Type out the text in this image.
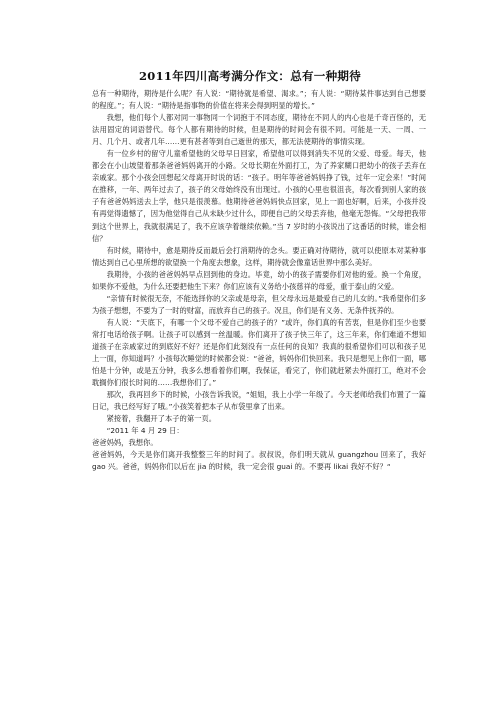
2011年四川高考满分作文：总有一种期待

总有一种期待，期待是什么呢？有人说：“期待就是希望、渴求。”；有人说：“期待某件事达到自己想要的程度。”；有人说：“期待是指事物的价值在将来会得到明显的增长。”

我想，他们每个人都对同一事物同一个词抱于不同态度，期待在不同人的内心也是千奇百怪的，无法用固定的词语替代。每个人都有期待的时候，但是期待的时间会有很不同。可能是一天、一周、一月、几个月、或者几年……更有甚者等到自己逝世的那天，都无法使期待的事情实现。

有一位乡村的留守儿童希望他的父母早日回家，希望他可以得到消失不见的父爱、母爱。每天，他都会在小山坡望着那条爸爸妈妈离开的小路。父母长期在外面打工，为了养家糊口把幼小的孩子丢弃在亲戚家。那个小孩会回想起父母离开时说的话：“孩子。明年等爸爸妈妈挣了钱，过年一定会来！”时间在推移，一年、两年过去了，孩子的父母始终没有出现过。小孩的心里也很沮丧，每次看到别人家的孩子有爸爸妈妈送去上学，他只是很羡慕。他期待爸爸妈妈快点回家，见上一面也好啊，后来，小孩并没有再觉得遗憾了，因为他觉得自己从未缺少过什么，即便自己的父母丢弃他，他毫无怨悔。“父母把我带到这个世界上，我就很满足了，我不应该孕着继续依赖。”当 7 岁时的小孩说出了这番话的时候，谁会相信？

有时候，期待中，愈是期待反而最后会打消期待的念头。要正确对待期待，就可以使原本对某种事情达到自己心里所想的欲望换一个角度去想象，这样，期待就会像童话世界中那么美好。

我期待，小孩的爸爸妈妈早点回到他的身边。毕竟，幼小的孩子需要你们对他的爱。换一个角度，如果你不爱他，为什么还要把他生下来？你们应该有义务给小孩慈祥的母爱，重于泰山的父爱。

“亲情有时候很无奈，不能选择你的父亲或是母亲，但父母永远是最爱自己的儿女的。”我希望你们多为孩子想想，不要为了一时的财富，而放弃自己的孩子。况且，你们是有义务、无条件抚养的。

有人说：“天底下，有哪一个父母不爱自己的孩子的？”或许，你们真的有苦衷，但是你们至少也要常打电话给孩子啊。让孩子可以感到一丝温暖。你们离开了孩子快三年了，这三年来，你们难道不想知道孩子在亲戚家过的到底好不好？还是你们此刻没有一点任何的良知？我真的很希望你们可以和孩子见上一面，你知道吗？小孩每次睡觉的时候都会说：“爸爸，妈妈你们快回来。我只是想见上你们一面，哪怕是十分钟，或是五分钟，我多么想看着你们啊，我保证，看完了，你们就赶紧去外面打工，绝对不会耽搁你们很长时间的……我想你们了。”

那次，我再回乡下的时候，小孩告诉我说，“姐姐，我上小学一年级了。今天老师给我们布置了一篇日记，我已经写好了哦。”小孩笑着把本子从布袋里拿了出来。

紧接着，我翻开了本子的第一页。

“2011 年 4 月 29 日：

爸爸妈妈，我想你。

爸爸妈妈，今天是你们离开我整整三年的时间了。叔叔说，你们明天就从 guangzhou 回来了，我好 gao 兴。爸爸，妈妈你们以后在 jia 的时候，我一定会很 guai 的。不要再 likai 我好不好？“
